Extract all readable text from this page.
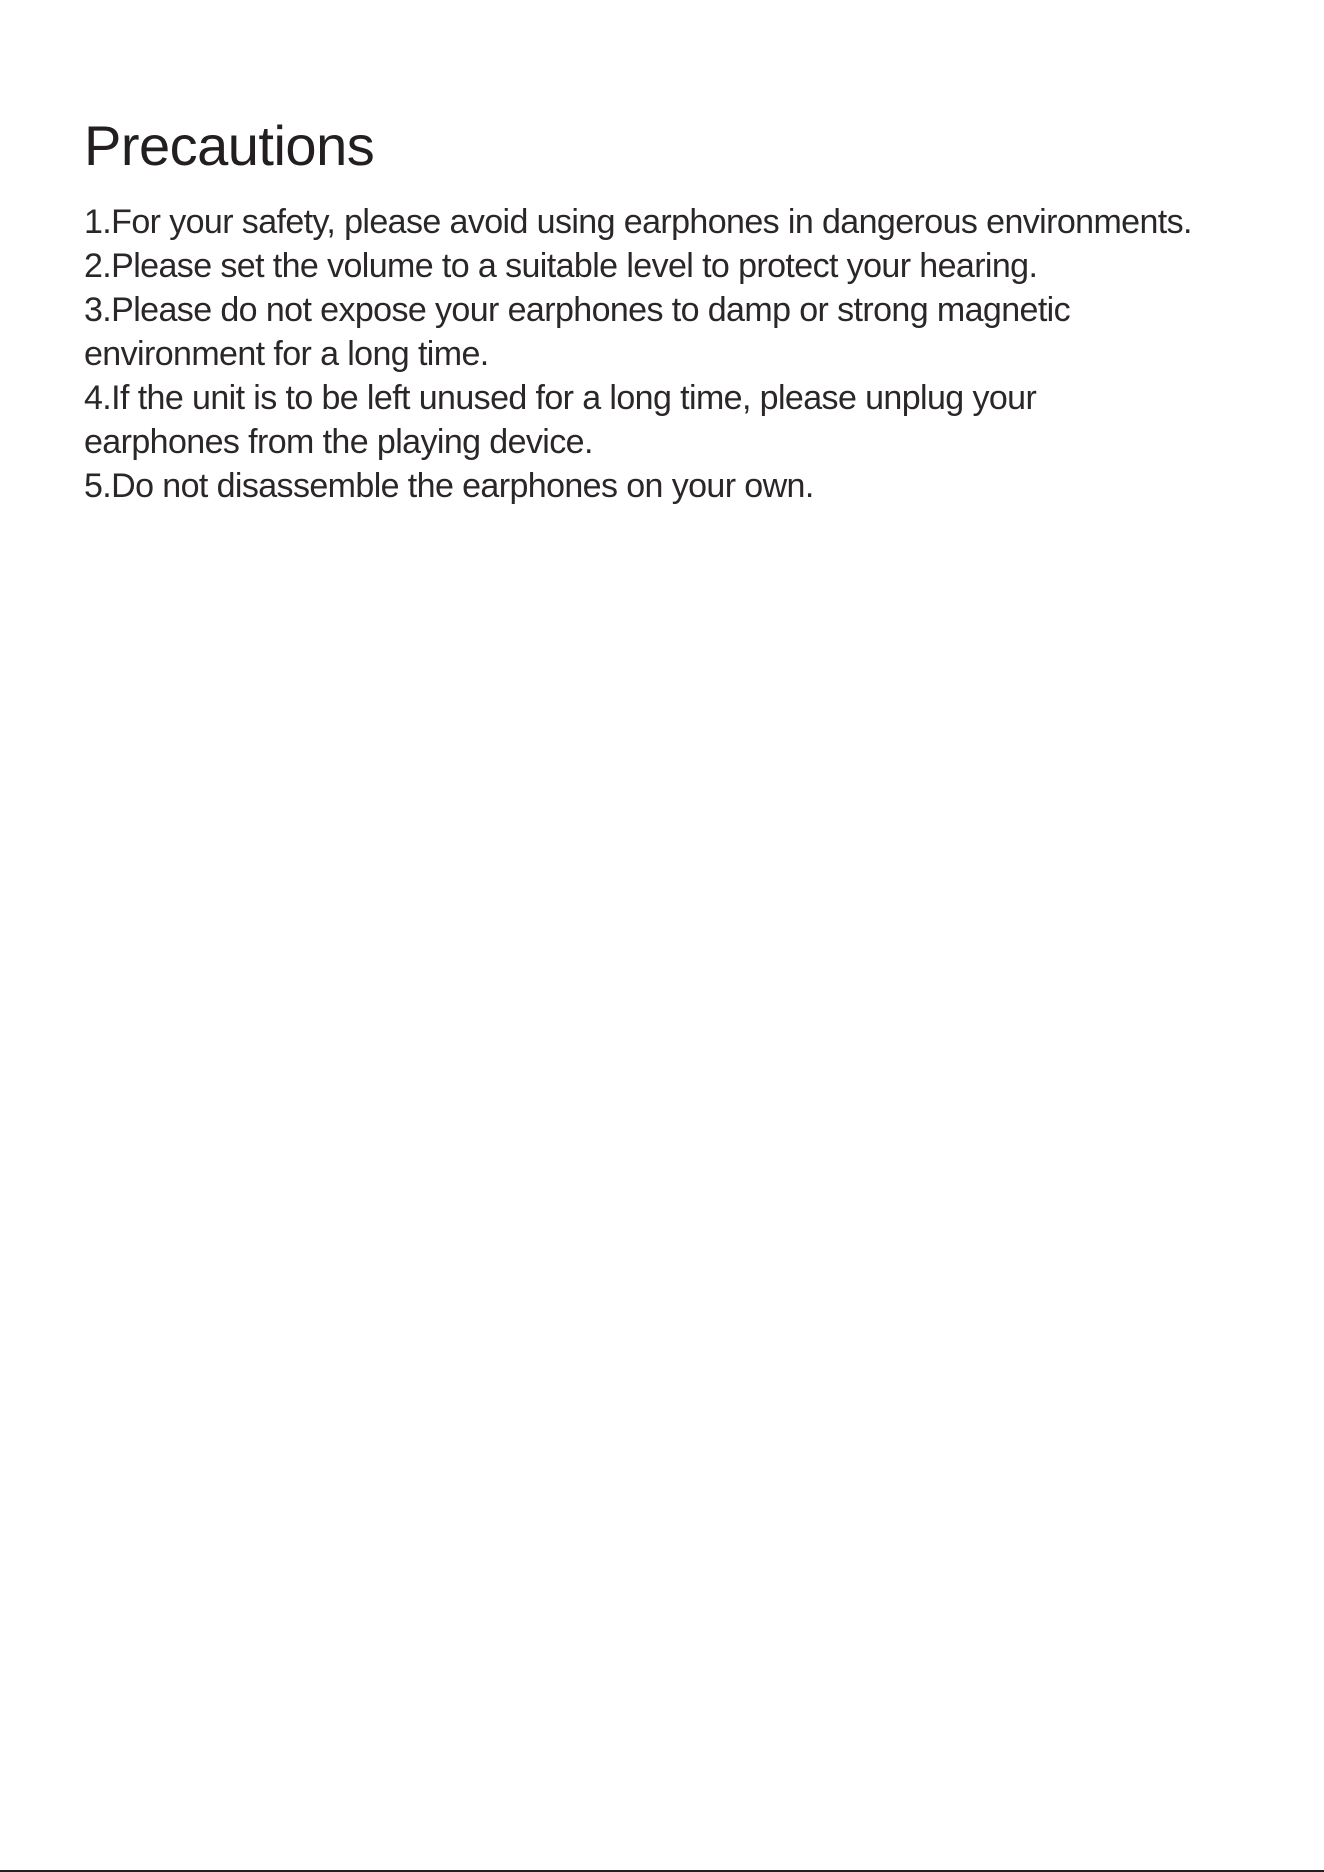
Precautions
1.For your safety, please avoid using earphones in dangerous environments.
2.Please set the volume to a suitable level to protect your hearing.
3.Please do not expose your earphones to damp or strong magnetic environment for a long time.
4.If the unit is to be left unused for a long time, please unplug your earphones from the playing device.
5.Do not disassemble the earphones on your own.
